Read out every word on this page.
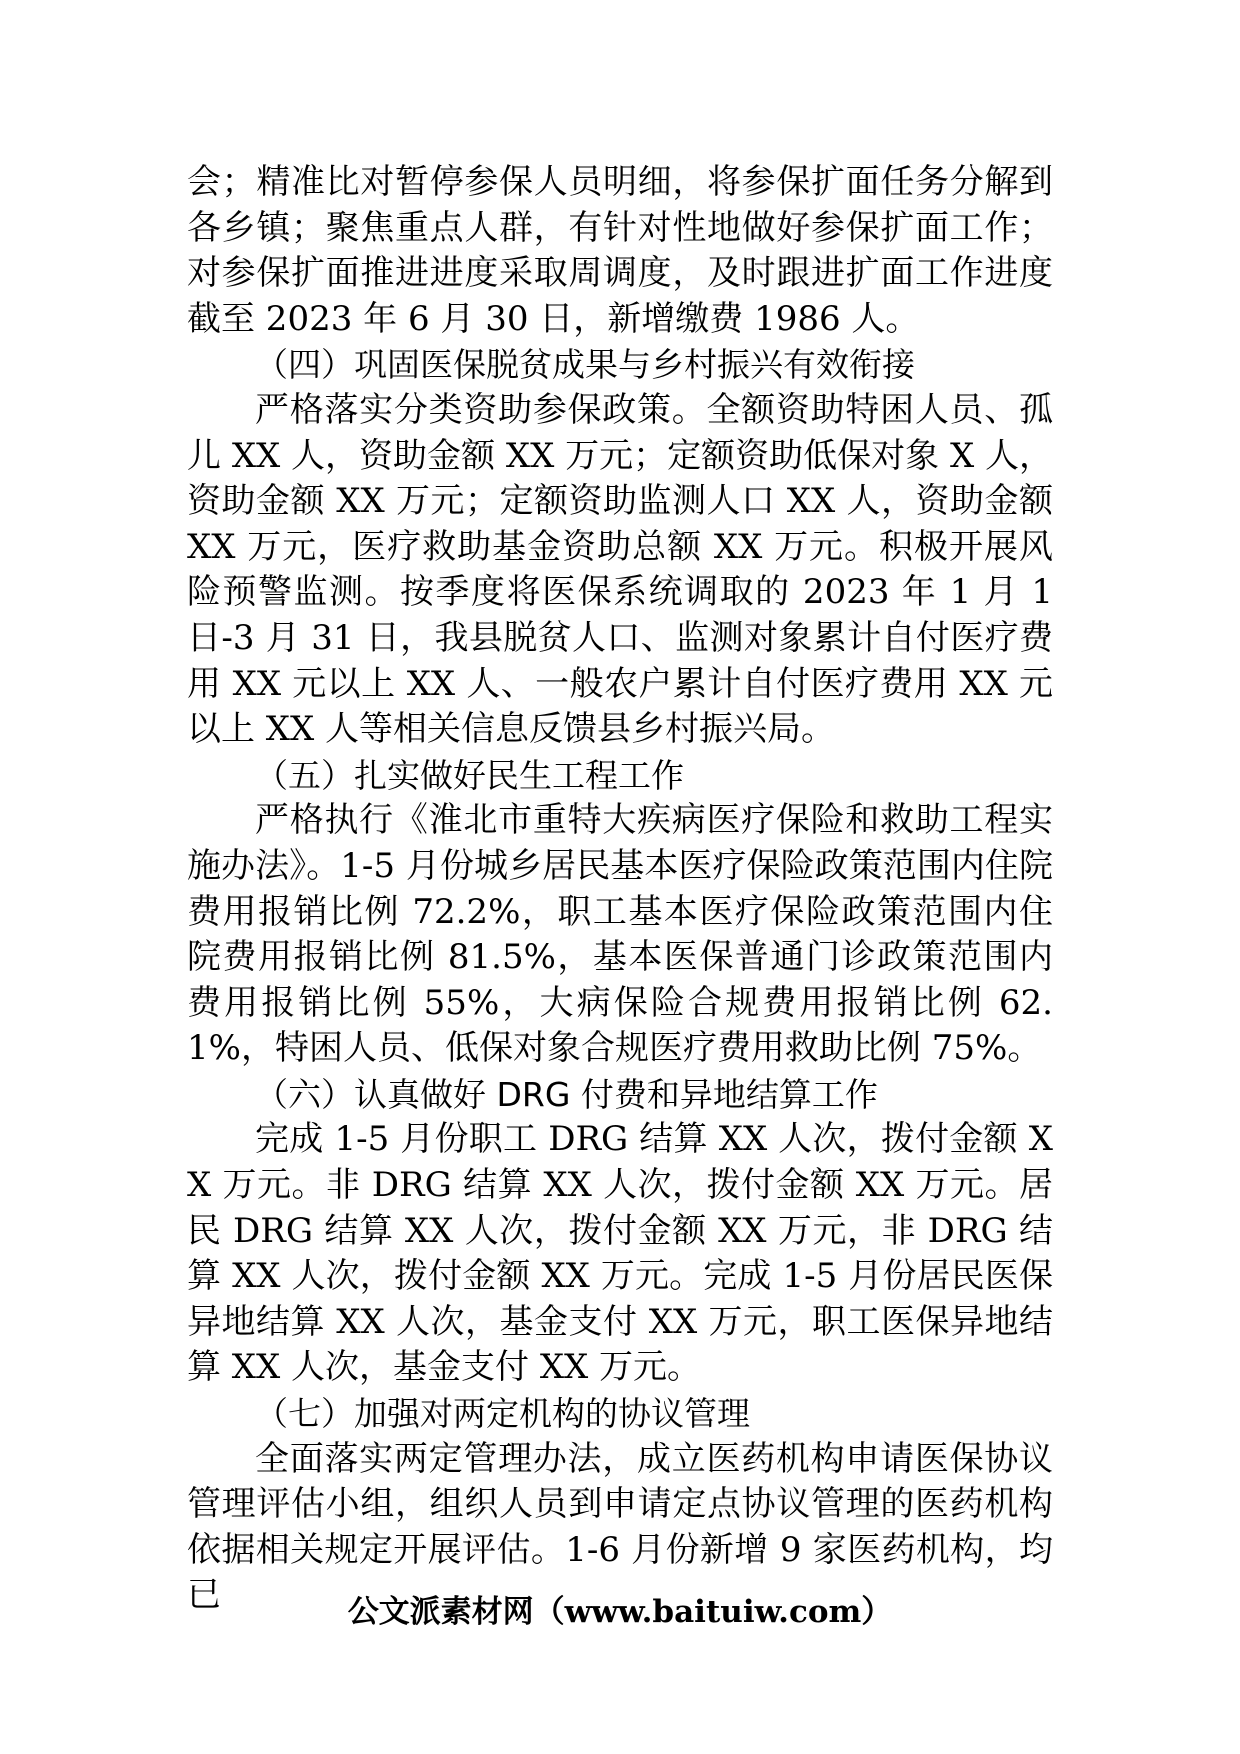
会；精准比对暂停参保人员明细，将参保扩面任务分解到各乡镇；聚焦重点人群，有针对性地做好参保扩面工作；对参保扩面推进进度采取周调度，及时跟进扩面工作进度截至 2023 年 6 月 30 日，新增缴费 1986 人。

（四）巩固医保脱贫成果与乡村振兴有效衔接

严格落实分类资助参保政策。全额资助特困人员、孤儿 XX 人，资助金额 XX 万元；定额资助低保对象 X 人，资助金额 XX 万元；定额资助监测人口 XX 人，资助金额 XX 万元，医疗救助基金资助总额 XX 万元。积极开展风险预警监测。按季度将医保系统调取的 2023 年 1 月 1 日-3 月 31 日，我县脱贫人口、监测对象累计自付医疗费用 XX 元以上 XX 人、一般农户累计自付医疗费用 XX 元以上 XX 人等相关信息反馈县乡村振兴局。

（五）扎实做好民生工程工作

严格执行《淮北市重特大疾病医疗保险和救助工程实施办法》。1-5 月份城乡居民基本医疗保险政策范围内住院费用报销比例 72.2%，职工基本医疗保险政策范围内住院费用报销比例 81.5%，基本医保普通门诊政策范围内费用报销比例 55%，大病保险合规费用报销比例 62.1%，特困人员、低保对象合规医疗费用救助比例 75%。

（六）认真做好 DRG 付费和异地结算工作

完成 1-5 月份职工 DRG 结算 XX 人次，拨付金额 XX 万元。非 DRG 结算 XX 人次，拨付金额 XX 万元。居民 DRG 结算 XX 人次，拨付金额 XX 万元，非 DRG 结算 XX 人次，拨付金额 XX 万元。完成 1-5 月份居民医保异地结算 XX 人次，基金支付 XX 万元，职工医保异地结算 XX 人次，基金支付 XX 万元。

（七）加强对两定机构的协议管理

全面落实两定管理办法，成立医药机构申请医保协议管理评估小组，组织人员到申请定点协议管理的医药机构依据相关规定开展评估。1-6 月份新增 9 家医药机构，均已	公文派素材网（www.baituiw.com）
